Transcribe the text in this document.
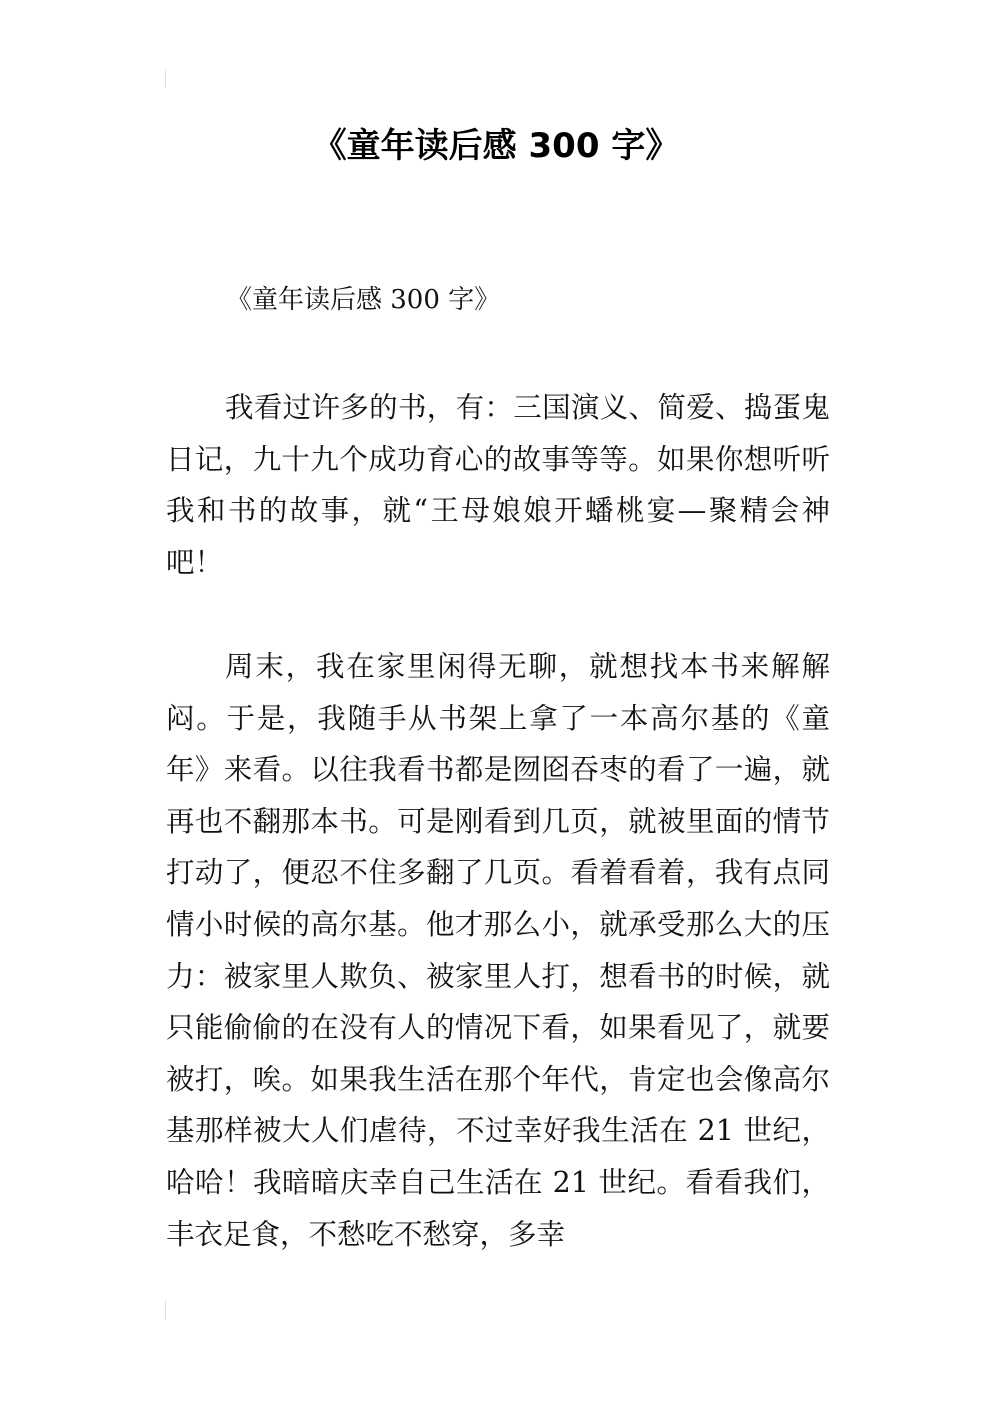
《童年读后感 300 字》
《童年读后感 300 字》

我看过许多的书，有：三国演义、简爱、捣蛋鬼日记，九十九个成功育心的故事等等。如果你想听听我和书的故事，就“王母娘娘开蟠桃宴—聚精会神吧！

周末，我在家里闲得无聊，就想找本书来解解闷。于是，我随手从书架上拿了一本高尔基的《童年》来看。以往我看书都是囫囵吞枣的看了一遍，就再也不翻那本书。可是刚看到几页，就被里面的情节打动了，便忍不住多翻了几页。看着看着，我有点同情小时候的高尔基。他才那么小，就承受那么大的压力：被家里人欺负、被家里人打，想看书的时候，就只能偷偷的在没有人的情况下看，如果看见了，就要被打，唉。如果我生活在那个年代，肯定也会像高尔基那样被大人们虐待，不过幸好我生活在 21 世纪，哈哈！我暗暗庆幸自己生活在 21 世纪。看看我们，丰衣足食，不愁吃不愁穿，多幸
